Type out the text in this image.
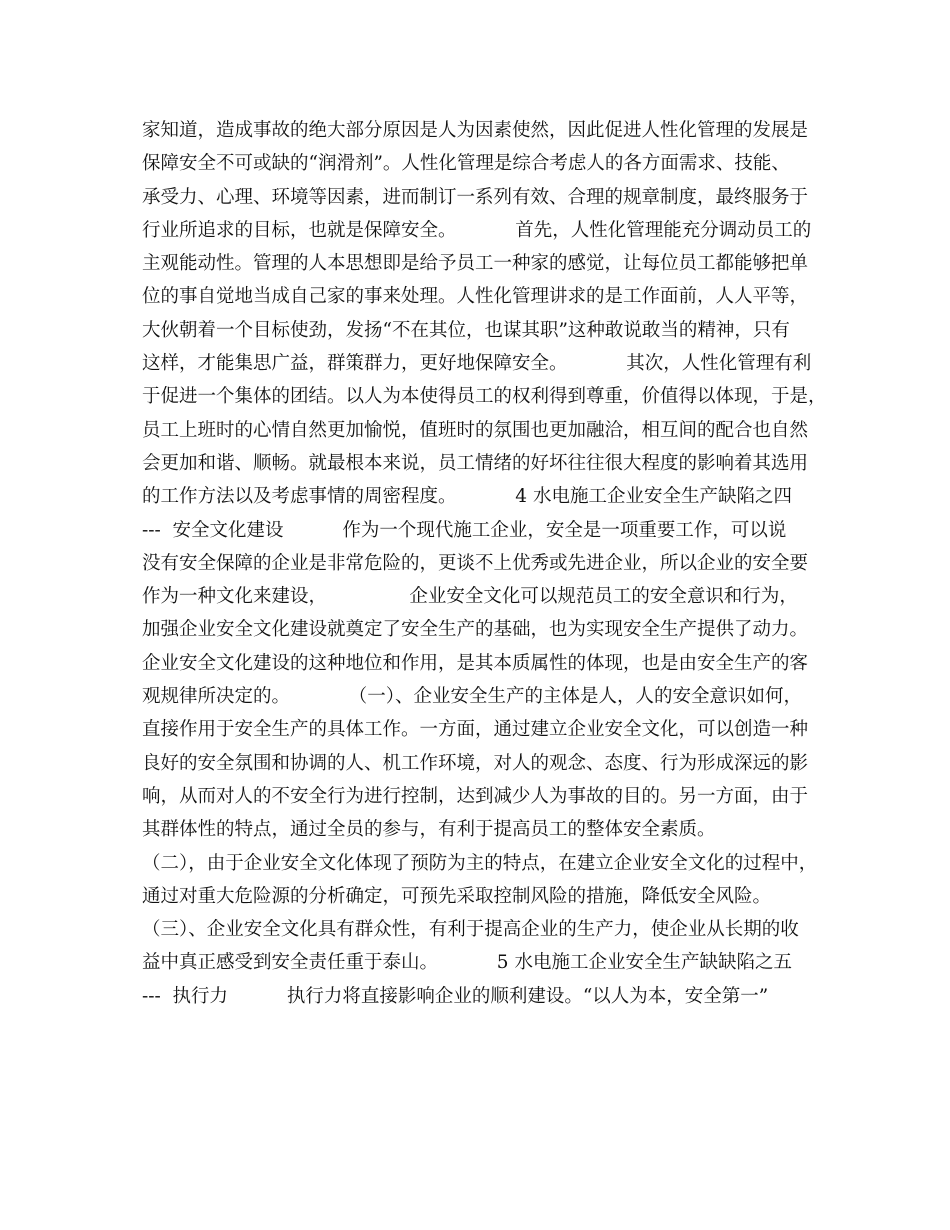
家知道，造成事故的绝大部分原因是人为因素使然，因此促进人性化管理的发展是
保障安全不可或缺的“润滑剂”。人性化管理是综合考虑人的各方面需求、技能、
承受力、心理、环境等因素，进而制订一系列有效、合理的规章制度，最终服务于
行业所追求的目标，也就是保障安全。          首先，人性化管理能充分调动员工的
主观能动性。管理的人本思想即是给予员工一种家的感觉，让每位员工都能够把单
位的事自觉地当成自己家的事来处理。人性化管理讲求的是工作面前，人人平等，
大伙朝着一个目标使劲，发扬“不在其位，也谋其职”这种敢说敢当的精神，只有
这样，才能集思广益，群策群力，更好地保障安全。          其次，人性化管理有利
于促进一个集体的团结。以人为本使得员工的权利得到尊重，价值得以体现，于是，
员工上班时的心情自然更加愉悦，值班时的氛围也更加融洽，相互间的配合也自然
会更加和谐、顺畅。就最根本来说，员工情绪的好坏往往很大程度的影响着其选用
的工作方法以及考虑事情的周密程度。          4 水电施工企业安全生产缺陷之四
---  安全文化建设          作为一个现代施工企业，安全是一项重要工作，可以说
没有安全保障的企业是非常危险的，更谈不上优秀或先进企业，所以企业的安全要
作为一种文化来建设，              企业安全文化可以规范员工的安全意识和行为，
加强企业安全文化建设就奠定了安全生产的基础，也为实现安全生产提供了动力。
企业安全文化建设的这种地位和作用，是其本质属性的体现，也是由安全生产的客
观规律所决定的。          （一）、企业安全生产的主体是人，人的安全意识如何，
直接作用于安全生产的具体工作。一方面，通过建立企业安全文化，可以创造一种
良好的安全氛围和协调的人、机工作环境，对人的观念、态度、行为形成深远的影
响，从而对人的不安全行为进行控制，达到减少人为事故的目的。另一方面，由于
其群体性的特点，通过全员的参与，有利于提高员工的整体安全素质。
（二），由于企业安全文化体现了预防为主的特点，在建立企业安全文化的过程中，
通过对重大危险源的分析确定，可预先采取控制风险的措施，降低安全风险。
（三）、企业安全文化具有群众性，有利于提高企业的生产力，使企业从长期的收
益中真正感受到安全责任重于泰山。          5 水电施工企业安全生产缺缺陷之五
---  执行力          执行力将直接影响企业的顺利建设。“以人为本，安全第一”
